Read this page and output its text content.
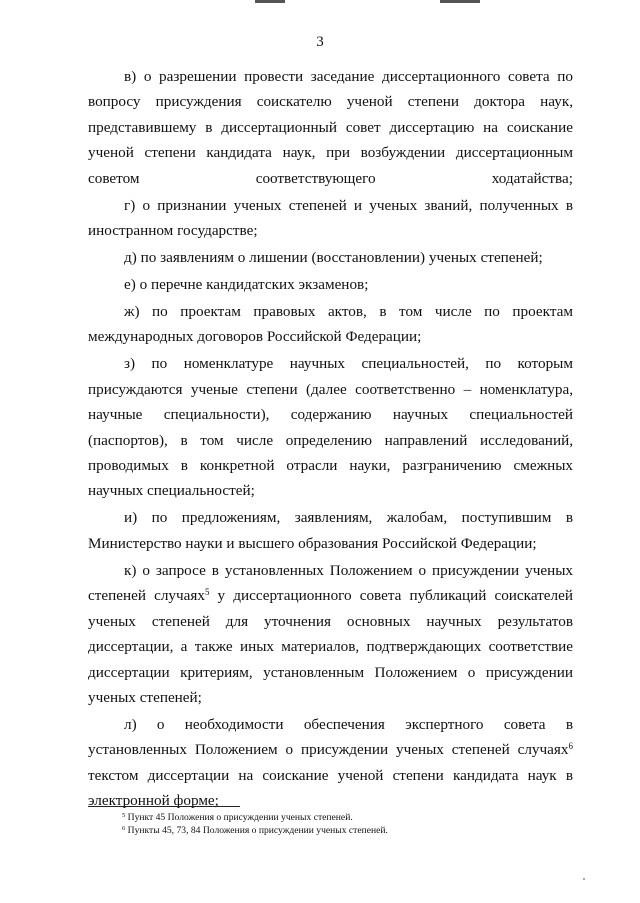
3

в) о разрешении провести заседание диссертационного совета по вопросу присуждения соискателю ученой степени доктора наук, представившему в диссертационный совет диссертацию на соискание ученой степени кандидата наук, при возбуждении диссертационным советом соответствующего ходатайства;

г) о признании ученых степеней и ученых званий, полученных в иностранном государстве;

д) по заявлениям о лишении (восстановлении) ученых степеней;

е) о перечне кандидатских экзаменов;

ж) по проектам правовых актов, в том числе по проектам международных договоров Российской Федерации;

з) по номенклатуре научных специальностей, по которым присуждаются ученые степени (далее соответственно – номенклатура, научные специальности), содержанию научных специальностей (паспортов), в том числе определению направлений исследований, проводимых в конкретной отрасли науки, разграничению смежных научных специальностей;

и) по предложениям, заявлениям, жалобам, поступившим в Министерство науки и высшего образования Российской Федерации;

к) о запросе в установленных Положением о присуждении ученых степеней случаях$^5$ у диссертационного совета публикаций соискателей ученых степеней для уточнения основных научных результатов диссертации, а также иных материалов, подтверждающих соответствие диссертации критериям, установленным Положением о присуждении ученых степеней;

л) о необходимости обеспечения экспертного совета в установленных Положением о присуждении ученых степеней случаях$^6$ текстом диссертации на соискание ученой степени кандидата наук в электронной форме;

$^5$ Пункт 45 Положения о присуждении ученых степеней.

$^6$ Пункты 45, 73, 84 Положения о присуждении ученых степеней.
